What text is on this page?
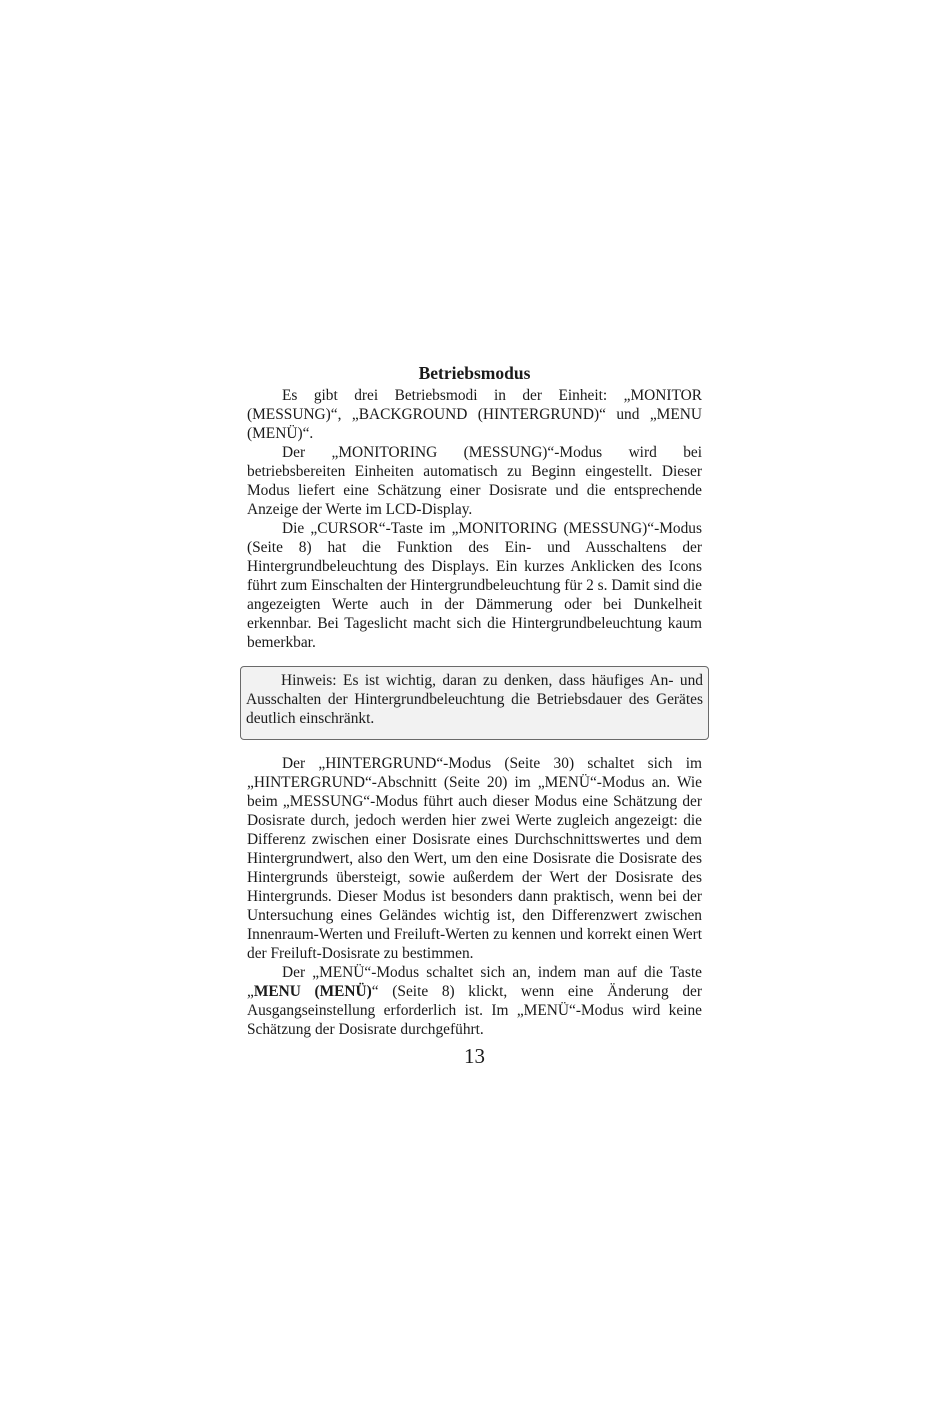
Betriebsmodus

Es gibt drei Betriebsmodi in der Einheit: „MONITOR (MESSUNG)“, „BACKGROUND (HINTERGRUND)“ und „MENU (MENÜ)“.

Der „MONITORING (MESSUNG)“-Modus wird bei betriebsbereiten Einheiten automatisch zu Beginn eingestellt. Dieser Modus liefert eine Schätzung einer Dosisrate und die entsprechende Anzeige der Werte im LCD-Display.

Die „CURSOR“-Taste im „MONITORING (MESSUNG)“-Modus (Seite 8) hat die Funktion des Ein- und Ausschaltens der Hintergrundbeleuchtung des Displays. Ein kurzes Anklicken des Icons führt zum Einschalten der Hintergrundbeleuchtung für 2 s. Damit sind die angezeigten Werte auch in der Dämmerung oder bei Dunkelheit erkennbar. Bei Tageslicht macht sich die Hintergrundbeleuchtung kaum bemerkbar.

Hinweis: Es ist wichtig, daran zu denken, dass häufiges An- und Ausschalten der Hintergrundbeleuchtung die Betriebsdauer des Gerätes deutlich einschränkt.

Der „HINTERGRUND“-Modus (Seite 30) schaltet sich im „HINTERGRUND“-Abschnitt (Seite 20) im „MENÜ“-Modus an. Wie beim „MESSUNG“-Modus führt auch dieser Modus eine Schätzung der Dosisrate durch, jedoch werden hier zwei Werte zugleich angezeigt: die Differenz zwischen einer Dosisrate eines Durchschnittswertes und dem Hintergrundwert, also den Wert, um den eine Dosisrate die Dosisrate des Hintergrunds übersteigt, sowie außerdem der Wert der Dosisrate des Hintergrunds. Dieser Modus ist besonders dann praktisch, wenn bei der Untersuchung eines Geländes wichtig ist, den Differenzwert zwischen Innenraum-Werten und Freiluft-Werten zu kennen und korrekt einen Wert der Freiluft-Dosisrate zu bestimmen.

Der „MENÜ“-Modus schaltet sich an, indem man auf die Taste „MENU (MENÜ)“ (Seite 8) klickt, wenn eine Änderung der Ausgangseinstellung erforderlich ist. Im „MENÜ“-Modus wird keine Schätzung der Dosisrate durchgeführt.

13
